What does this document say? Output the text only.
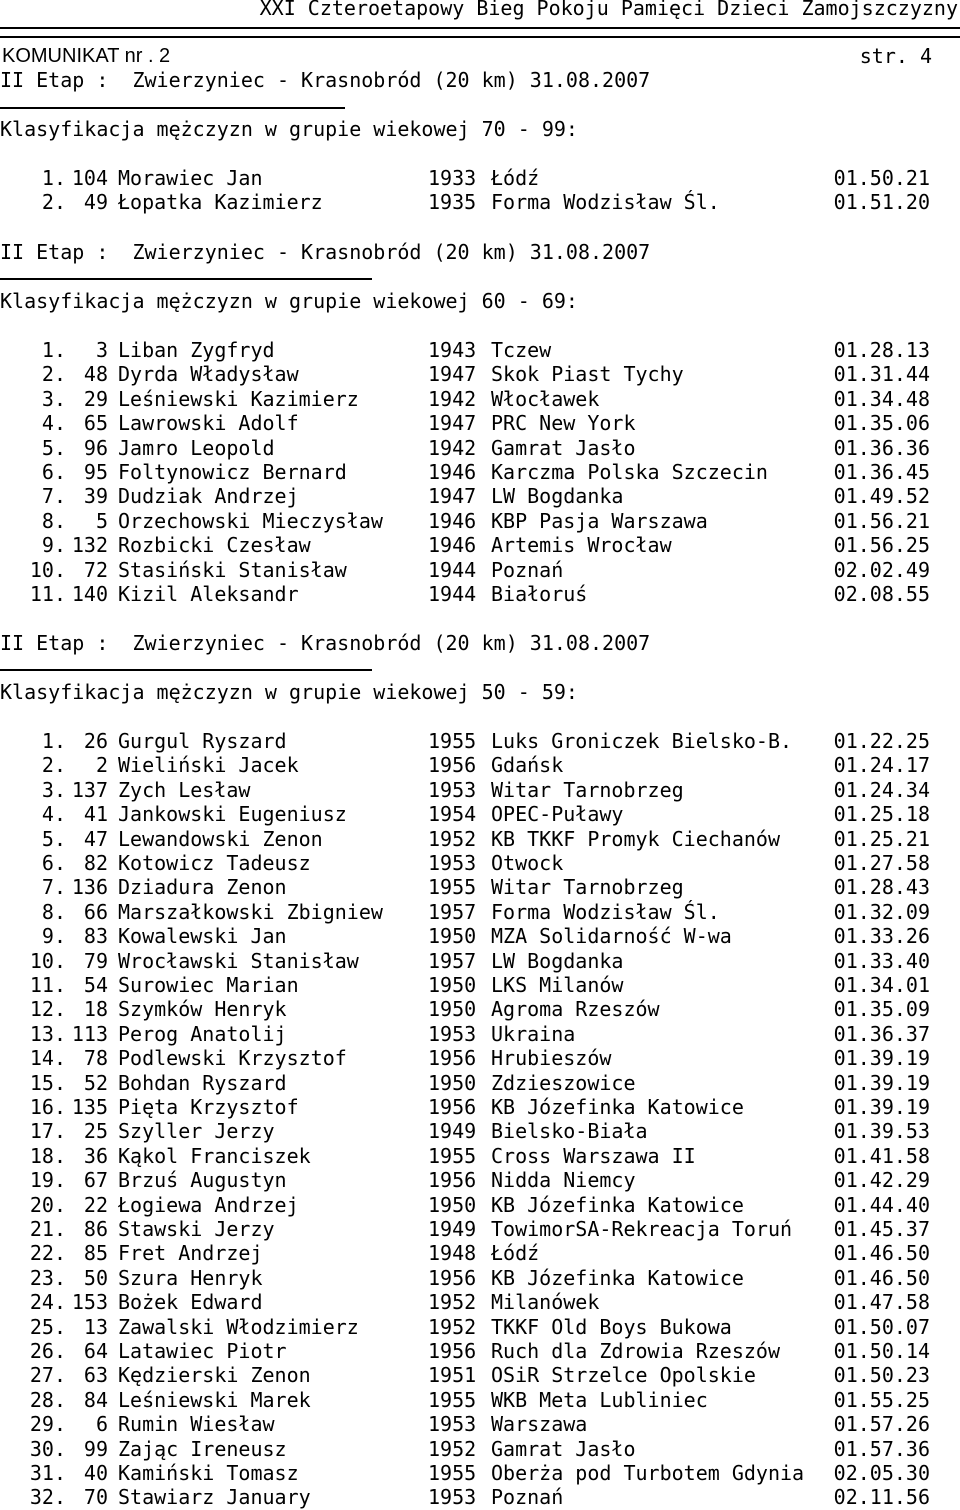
XXI Czteroetapowy Bieg Pokoju Pamięci Dzieci Zamojszczyzny

KOMUNIKAT nr . 2

	str. 4

II Etap :  Zwierzyniec - Krasnobród (20 km) 31.08.2007
Klasyfikacja mężczyzn w grupie wiekowej 70 - 99:
1. 104 Morawiec Jan	1933 Łódź	01.50.21
2. 49 Łopatka Kazimierz	1935 Forma Wodzisław Śl.	01.51.20
II Etap :  Zwierzyniec - Krasnobród (20 km) 31.08.2007
Klasyfikacja mężczyzn w grupie wiekowej 60 - 69:
1.	3 Liban Zygfryd	1943 Tczew	01.28.13
2. 48 Dyrda Władysław	1947 Skok Piast Tychy	01.31.44
3. 29 Leśniewski Kazimierz	1942 Włocławek	01.34.48
4. 65 Lawrowski Adolf	1947 PRC New York	01.35.06
5. 96 Jamro Leopold	1942 Gamrat Jasło	01.36.36
6. 95 Foltynowicz Bernard	1946 Karczma Polska Szczecin	01.36.45
7. 39 Dudziak Andrzej	1947 LW Bogdanka	01.49.52
8.	5 Orzechowski Mieczysław 1946 KBP Pasja Warszawa	01.56.21
9. 132 Rozbicki Czesław	1946 Artemis Wrocław	01.56.25
10. 72 Stasiński Stanisław	1944 Poznań	02.02.49
11. 140 Kizil Aleksandr	1944 Białoruś	02.08.55
II Etap :  Zwierzyniec - Krasnobród (20 km) 31.08.2007
Klasyfikacja mężczyzn w grupie wiekowej 50 - 59:
1. 26 Gurgul Ryszard	1955 Luks Groniczek Bielsko-B. 01.22.25
2.	2 Wieliński Jacek	1956 Gdańsk	01.24.17
3. 137 Zych Lesław	1953 Witar Tarnobrzeg	01.24.34
4. 41 Jankowski Eugeniusz	1954 OPEC-Puławy	01.25.18
5. 47 Lewandowski Zenon	1952 KB TKKF Promyk Ciechanów	01.25.21
6. 82 Kotowicz Tadeusz	1953 Otwock	01.27.58
7. 136 Dziadura Zenon	1955 Witar Tarnobrzeg	01.28.43
8. 66 Marszałkowski Zbigniew 1957 Forma Wodzisław Śl.	01.32.09
9. 83 Kowalewski Jan	1950 MZA Solidarność W-wa	01.33.26
10. 79 Wrocławski Stanisław	1957 LW Bogdanka	01.33.40
11. 54 Surowiec Marian	1950 LKS Milanów	01.34.01
12. 18 Szymków Henryk	1950 Agroma Rzeszów	01.35.09
13. 113 Perog Anatolij	1953 Ukraina	01.36.37
14. 78 Podlewski Krzysztof	1956 Hrubieszów	01.39.19
15. 52 Bohdan Ryszard	1950 Zdzieszowice	01.39.19
16. 135 Pięta Krzysztof	1956 KB Józefinka Katowice	01.39.19
17. 25 Szyller Jerzy	1949 Bielsko-Biała	01.39.53
18. 36 Kąkol Franciszek	1955 Cross Warszawa II	01.41.58
19. 67 Brzuś Augustyn	1956 Nidda Niemcy	01.42.29
20. 22 Łogiewa Andrzej	1950 KB Józefinka Katowice	01.44.40
21. 86 Stawski Jerzy	1949 TowimorSA-Rekreacja Toruń 01.45.37
22. 85 Fret Andrzej	1948 Łódź	01.46.50
23. 50 Szura Henryk	1956 KB Józefinka Katowice	01.46.50
24. 153 Bożek Edward	1952 Milanówek	01.47.58
25. 13 Zawalski Włodzimierz	1952 TKKF Old Boys Bukowa	01.50.07
26. 64 Latawiec Piotr	1956 Ruch dla Zdrowia Rzeszów	01.50.14
27. 63 Kędzierski Zenon	1951 OSiR Strzelce Opolskie	01.50.23
28. 84 Leśniewski Marek	1955 WKB Meta Lubliniec	01.55.25
29.	6 Rumin Wiesław	1953 Warszawa	01.57.26
30. 99 Zając Ireneusz	1952 Gamrat Jasło	01.57.36
31. 40 Kamiński Tomasz	1955 Oberża pod Turbotem Gdynia 02.05.30
32. 70 Stawiarz January	1953 Poznań	02.11.56
